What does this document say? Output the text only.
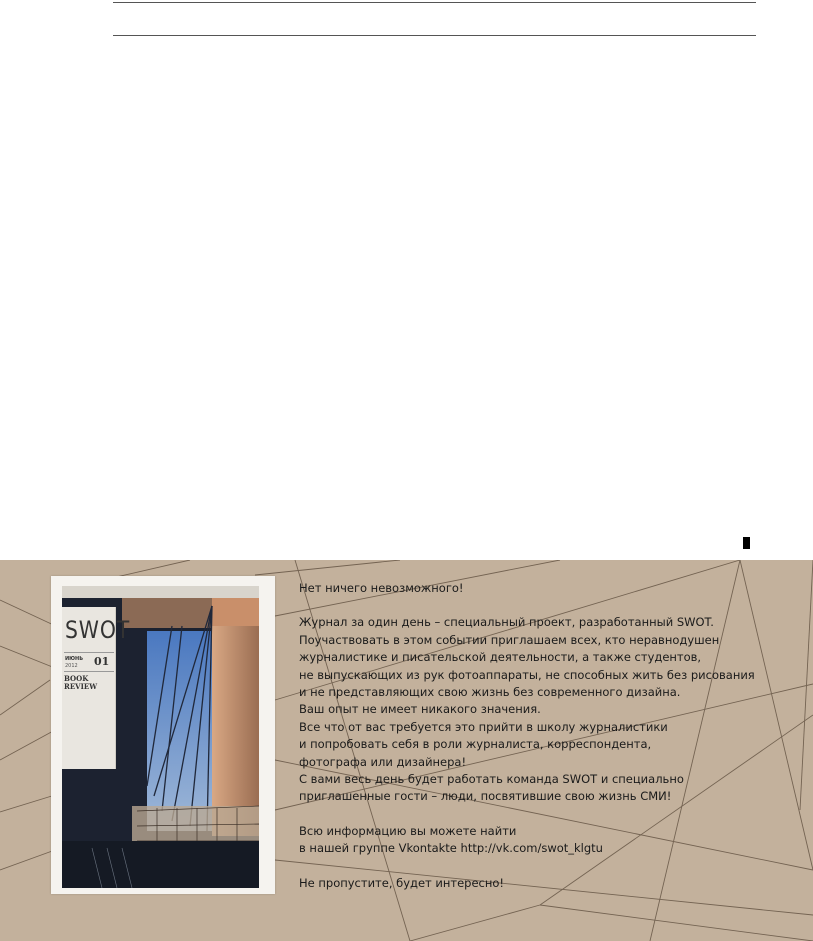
SWOT
ИЮНЬ
2012 01
BOOK
REVIEW

Нет ничего невозможного!

Журнал за один день – специальный проект, разработанный SWOT.

Поучаствовать в этом событии приглашаем всех, кто неравнодушен

журналистике и писательской деятельности, а также студентов,

не выпускающих из рук фотоаппараты, не способных жить без рисования

и не представляющих свою жизнь без современного дизайна.

Ваш опыт не имеет никакого значения.

Все что от вас требуется это прийти в школу журналистики

и попробовать себя в роли журналиста, корреспондента,

фотографа или дизайнера!

С вами весь день будет работать команда SWOT и специально

приглашенные гости – люди, посвятившие свою жизнь СМИ!

Всю информацию вы можете найти

в нашей группе Vkontakte http://vk.com/swot_klgtu

Не пропустите, будет интересно!
